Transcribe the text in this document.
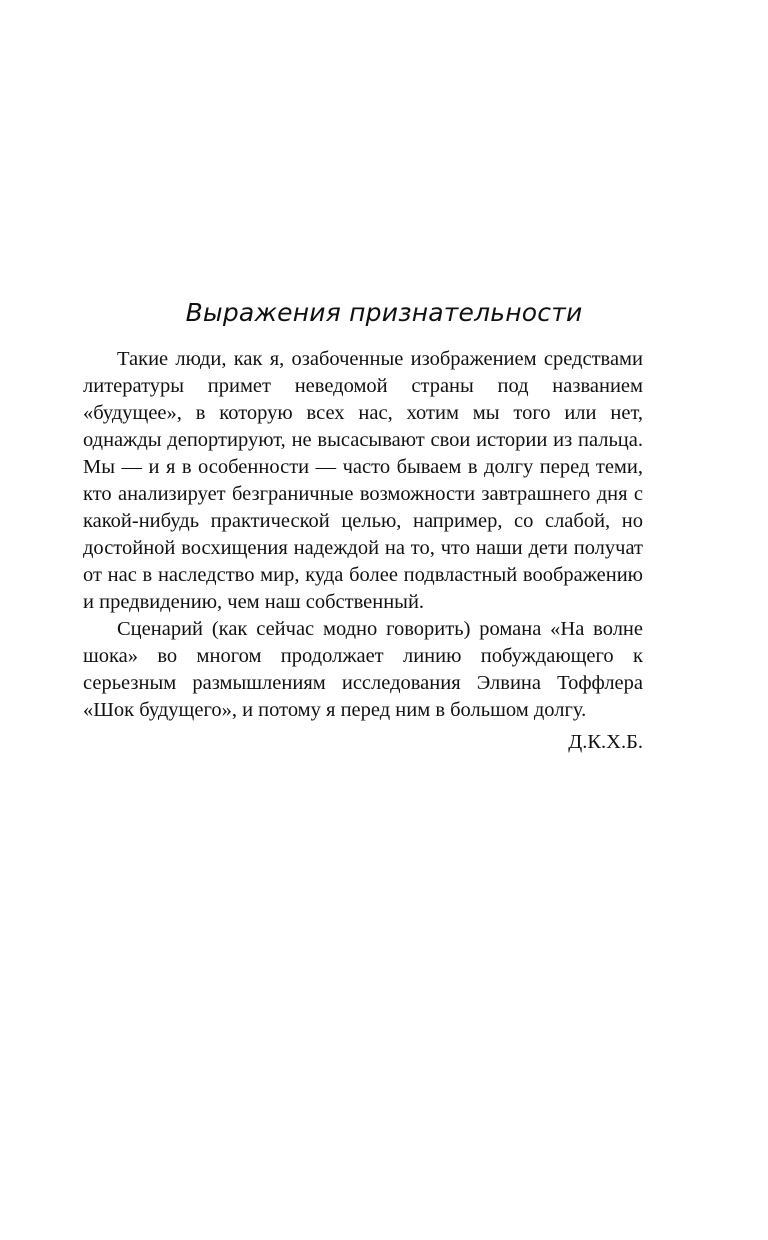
Выражения признательности

Такие люди, как я, озабоченные изображением средствами литературы примет неведомой страны под названием «будущее», в которую всех нас, хотим мы того или нет, однажды депортируют, не высасывают свои истории из пальца. Мы — и я в особенности — часто бываем в долгу перед теми, кто анализирует безграничные возможности завтрашнего дня с какой-нибудь практической целью, например, со слабой, но достойной восхищения надеждой на то, что наши дети получат от нас в наследство мир, куда более подвластный воображению и предвидению, чем наш собственный.

Сценарий (как сейчас модно говорить) романа «На волне шока» во многом продолжает линию побуждающего к серьезным размышлениям исследования Элвина Тоффлера «Шок будущего», и потому я перед ним в большом долгу.

Д.К.Х.Б.
